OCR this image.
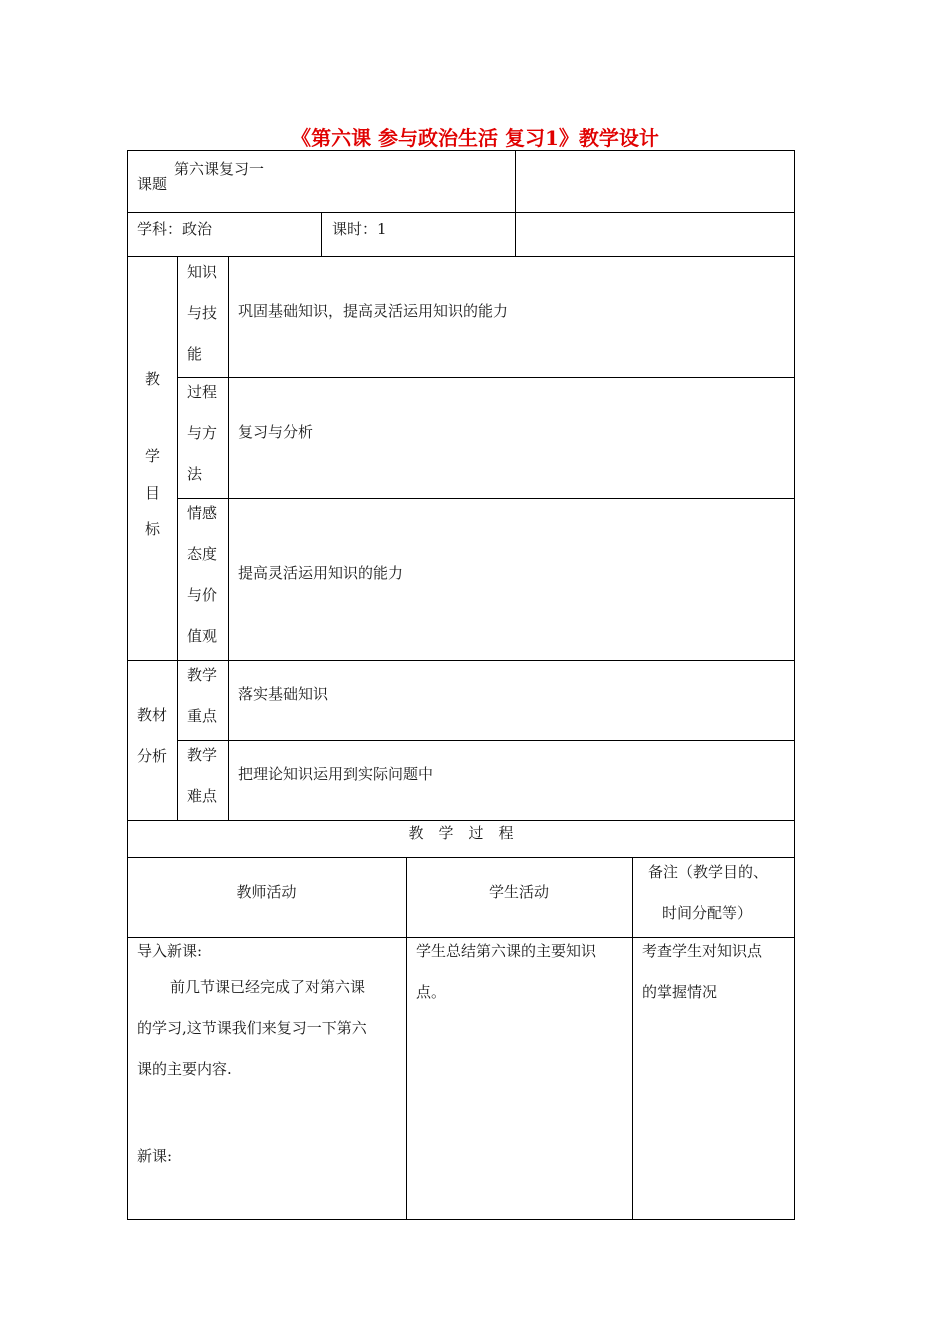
《第六课 参与政治生活 复习1》教学设计
课题
第六课复习一
学科：政治	课时：1
教
学
目
标
知识
与技
能
巩固基础知识，提高灵活运用知识的能力
过程
与方
法
复习与分析
情感
态度
与价
值观
提高灵活运用知识的能力
教材
分析
教学
重点
落实基础知识
教学
难点
把理论知识运用到实际问题中
教　学　过　程
教师活动	学生活动
备注（教学目的、
时间分配等）
导入新课:
前几节课已经完成了对第六课
的学习,这节课我们来复习一下第六
课的主要内容.
新课:
学生总结第六课的主要知识
点。
考查学生对知识点
的掌握情况
